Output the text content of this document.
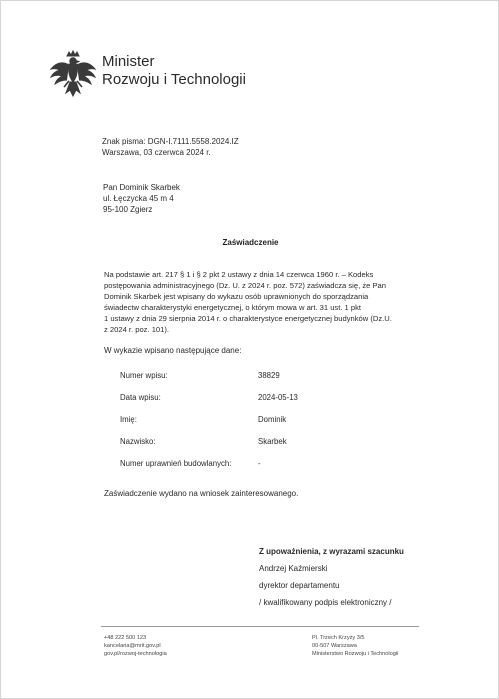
Minister
Rozwoju i Technologii
Znak pisma: DGN-I.7111.5558.2024.IZ
Warszawa, 03 czerwca 2024 r.
Pan Dominik Skarbek
ul. Łęczycka 45 m 4
95-100 Zgierz
Zaświadczenie
Na podstawie art. 217 § 1 i § 2 pkt 2 ustawy z dnia 14 czerwca 1960 r. – Kodeks
postępowania administracyjnego (Dz. U. z 2024 r. poz. 572) zaświadcza się, że Pan
Dominik Skarbek jest wpisany do wykazu osób uprawnionych do sporządzania
świadectw charakterystyki energetycznej, o którym mowa w art. 31 ust. 1 pkt
1 ustawy z dnia 29 sierpnia 2014 r. o charakterystyce energetycznej budynków (Dz.U.
z 2024 r. poz. 101).
W wykazie wpisano następujące dane:
Numer wpisu:	38829
Data wpisu:	2024-05-13
Imię:	Dominik
Nazwisko:	Skarbek
Numer uprawnień budowlanych:	-
Zaświadczenie wydano na wniosek zainteresowanego.
Z upoważnienia, z wyrazami szacunku
Andrzej Kaźmierski
dyrektor departamentu
/ kwalifikowany podpis elektroniczny /
+48 222 500 123
kancelaria@mrit.gov.pl
gov.pl/rozwoj-technologia
Pl. Trzech Krzyży 3/5
00-507 Warszawa
Ministerstwo Rozwoju i Technologii
